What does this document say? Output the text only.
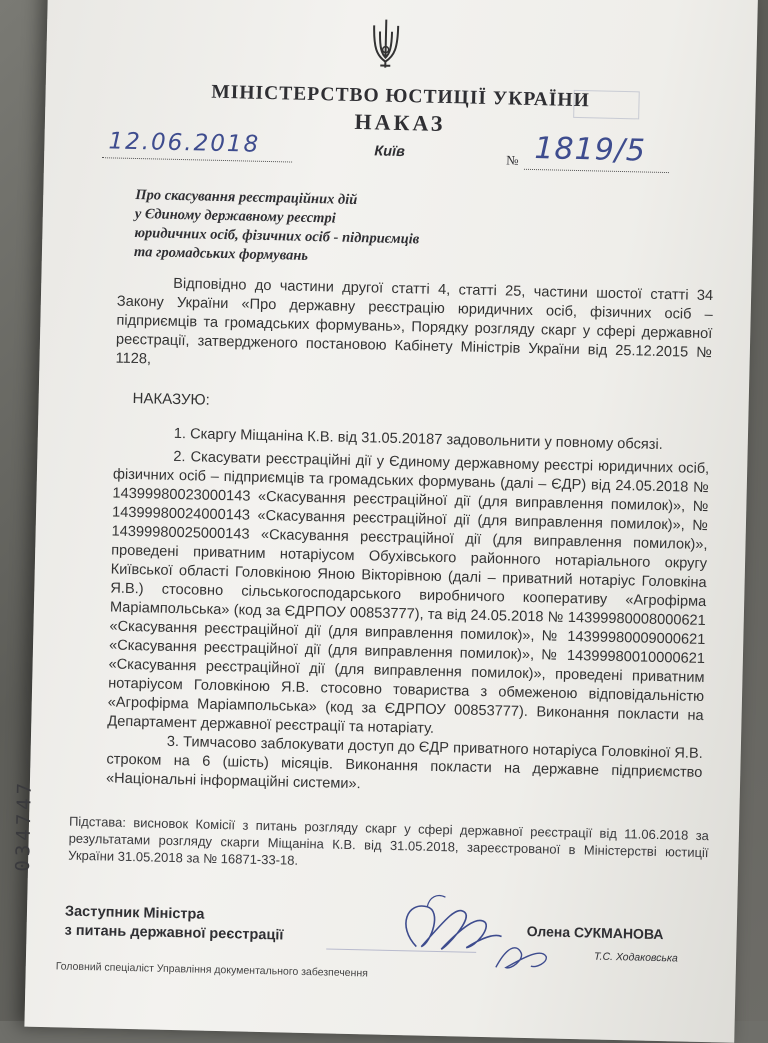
МІНІСТЕРСТВО ЮСТИЦІЇ УКРАЇНИ
НАКАЗ
12.06.2018	Київ	№ 1819/5
Про скасування реєстраційних дій
у Єдиному державному реєстрі
юридичних осіб, фізичних осіб - підприємців
та громадських формувань

Відповідно до частини другої статті 4, статті 25, частини шостої статті 34 Закону України «Про державну реєстрацію юридичних осіб, фізичних осіб – підприємців та громадських формувань», Порядку розгляду скарг у сфері державної реєстрації, затвердженого постановою Кабінету Міністрів України від 25.12.2015 № 1128,

НАКАЗУЮ:

1. Скаргу Міщаніна К.В. від 31.05.20187 задовольнити у повному обсязі.

2. Скасувати реєстраційні дії у Єдиному державному реєстрі юридичних осіб, фізичних осіб – підприємців та громадських формувань (далі – ЄДР) від 24.05.2018 № 14399980023000143 «Скасування реєстраційної дії (для виправлення помилок)», № 14399980024000143 «Скасування реєстраційної дії (для виправлення помилок)», № 14399980025000143 «Скасування реєстраційної дії (для виправлення помилок)», проведені приватним нотаріусом Обухівського районного нотаріального округу Київської області Головкіною Яною Вікторівною (далі – приватний нотаріус Головкіна Я.В.) стосовно сільськогосподарського виробничого кооперативу «Агрофірма Маріампольська» (код за ЄДРПОУ 00853777), та від 24.05.2018 № 14399980008000621 «Скасування реєстраційної дії (для виправлення помилок)», № 14399980009000621 «Скасування реєстраційної дії (для виправлення помилок)», № 14399980010000621 «Скасування реєстраційної дії (для виправлення помилок)», проведені приватним нотаріусом Головкіною Я.В. стосовно товариства з обмеженою відповідальністю «Агрофірма Маріампольська» (код за ЄДРПОУ 00853777). Виконання покласти на Департамент державної реєстрації та нотаріату.

3. Тимчасово заблокувати доступ до ЄДР приватного нотаріуса Головкіної Я.В. строком на 6 (шість) місяців. Виконання покласти на державне підприємство «Національні інформаційні системи».

Підстава: висновок Комісії з питань розгляду скарг у сфері державної реєстрації від 11.06.2018 за результатами розгляду скарги Міщаніна К.В. від 31.05.2018, зареєстрованої в Міністерстві юстиції України 31.05.2018 за № 16871-33-18.
034747
Заступник Міністра
з питань державної реєстрації	Олена СУКМАНОВА
Т.С. Ходаковська
Головний спеціаліст Управління документального забезпечення
